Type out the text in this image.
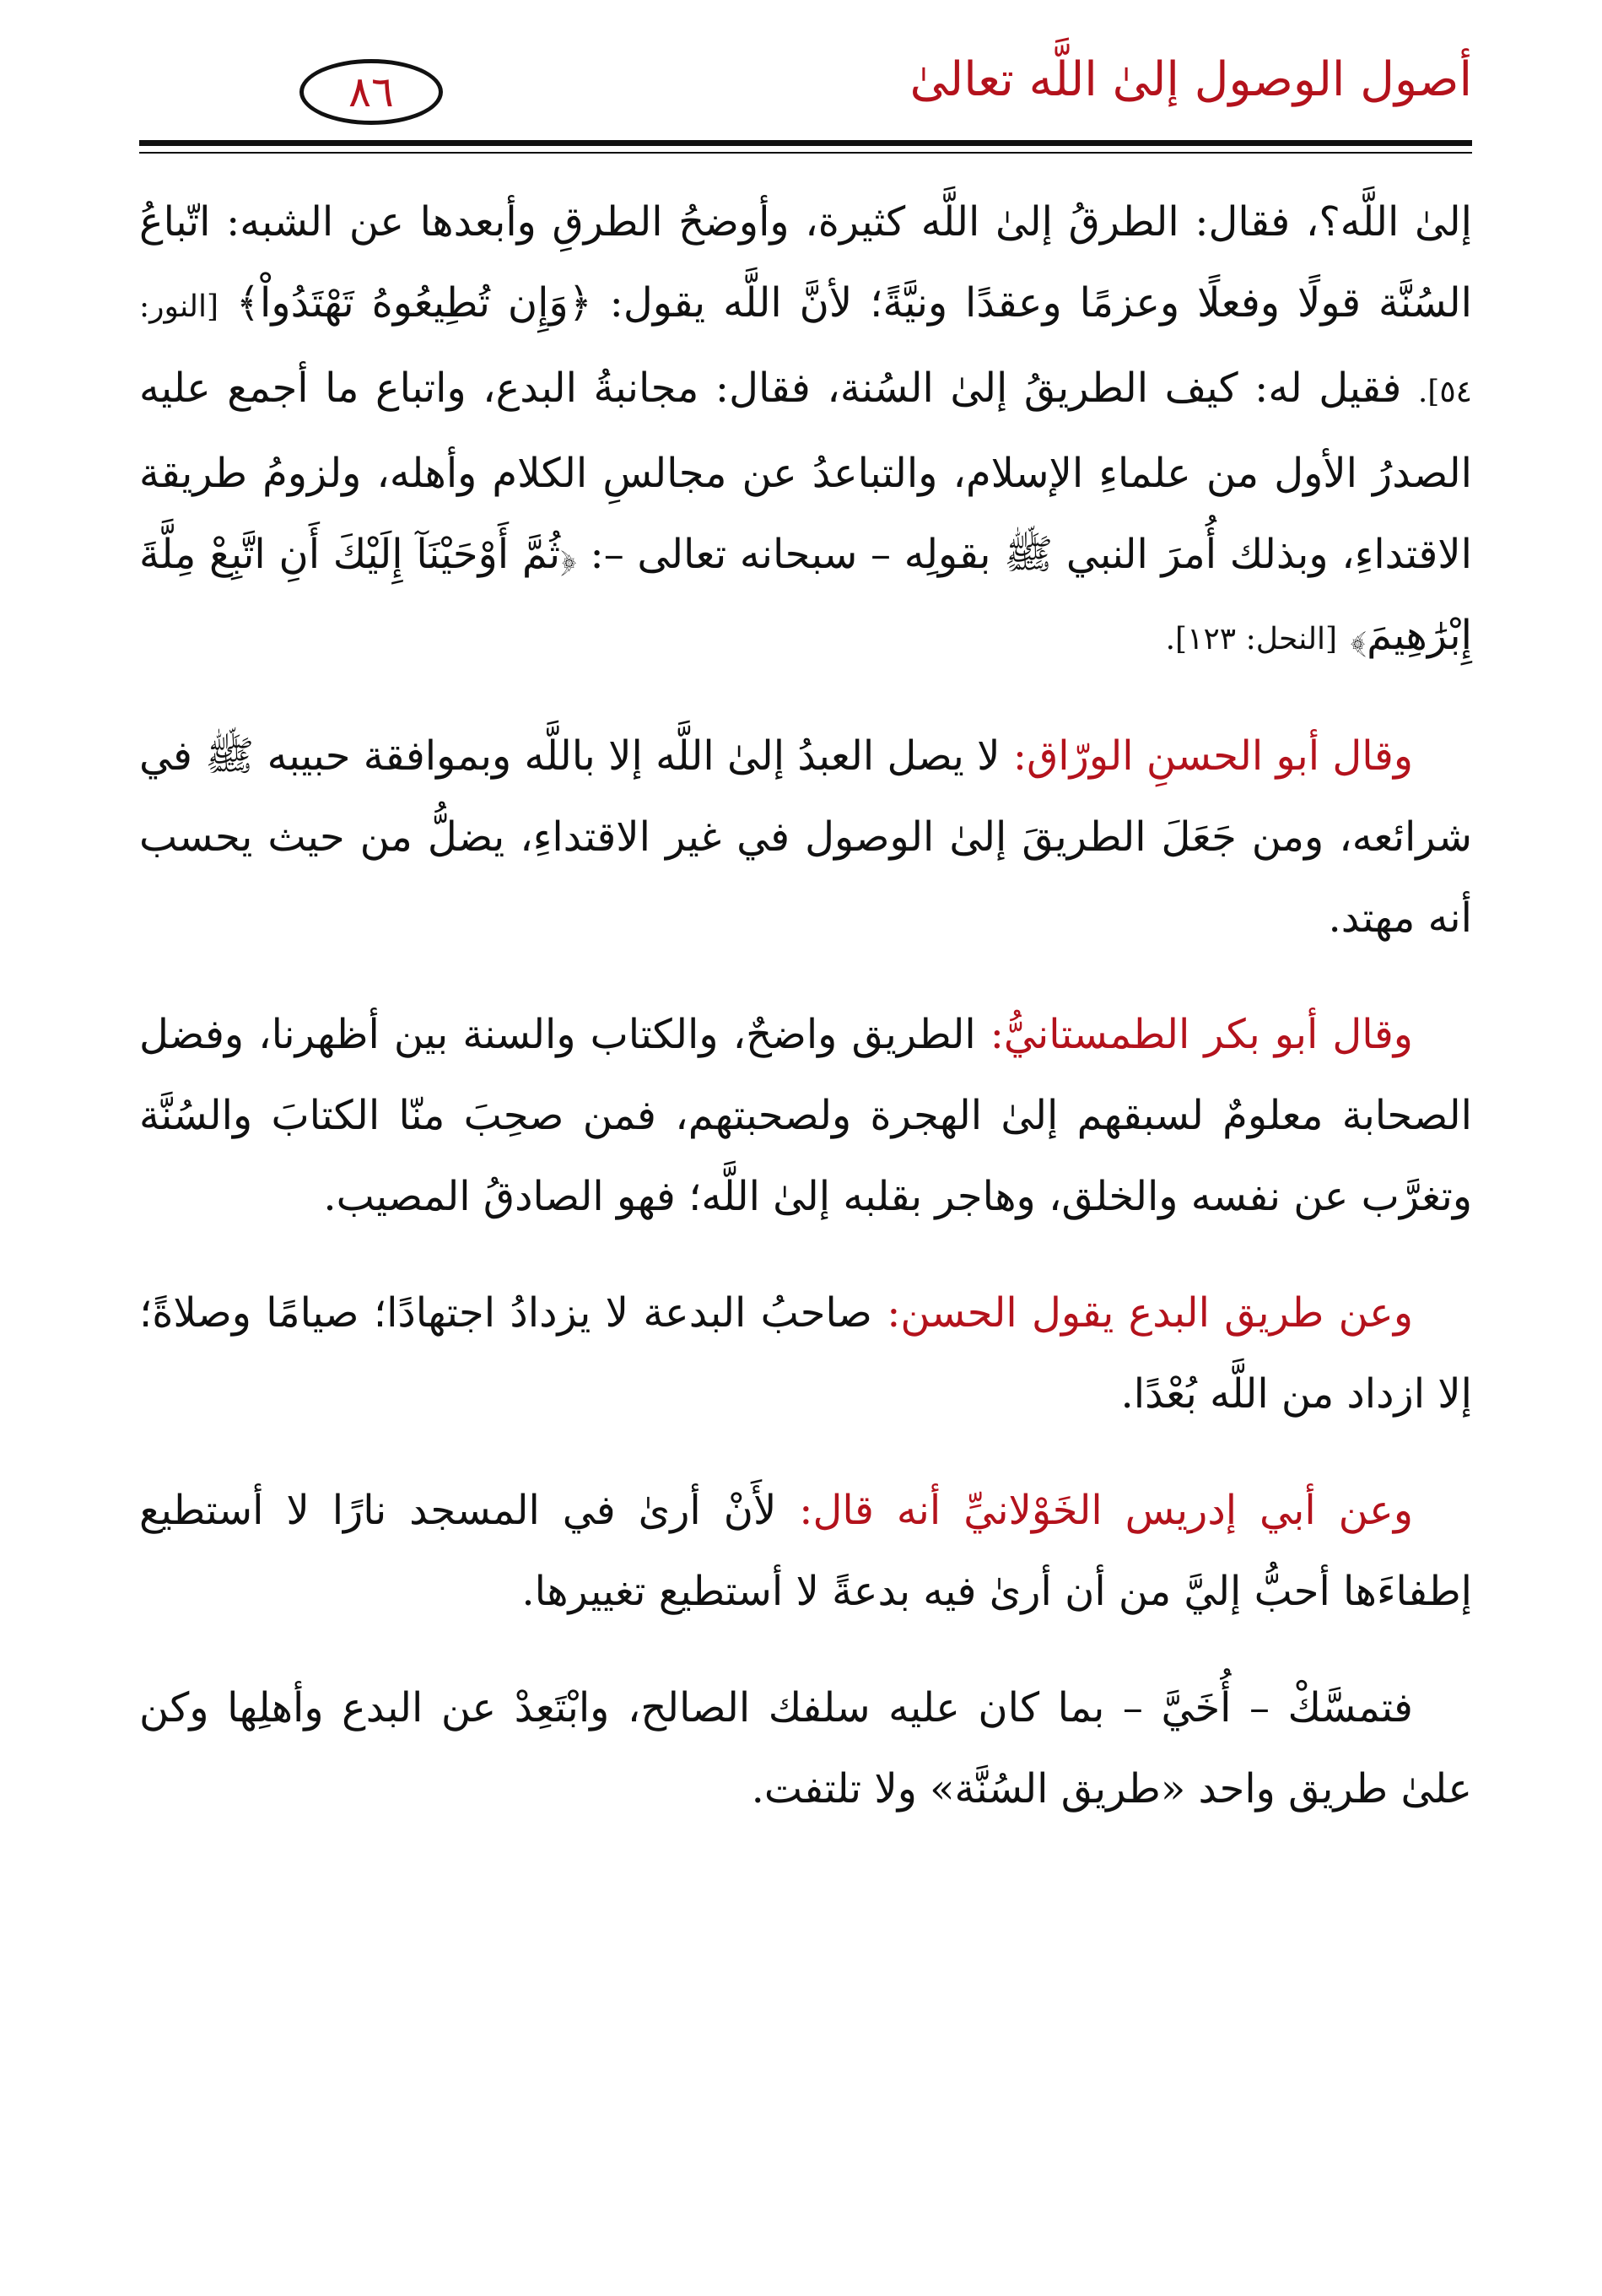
أصول الوصول إلىٰ اللَّه تعالىٰ
٨٦

إلىٰ اللَّه؟، فقال: الطرقُ إلىٰ اللَّه كثيرة، وأوضحُ الطرقِ وأبعدها عن الشبه: اتّباعُ السُنَّة قولًا وفعلًا وعزمًا وعقدًا ونيَّةً؛ لأنَّ اللَّه يقول: ﴿وَإِن تُطِيعُوهُ تَهْتَدُواْ﴾ [النور: ٥٤]. فقيل له: كيف الطريقُ إلىٰ السُنة، فقال: مجانبةُ البدع، واتباع ما أجمع عليه الصدرُ الأول من علماءِ الإسلام، والتباعدُ عن مجالسِ الكلام وأهله، ولزومُ طريقة الاقتداءِ، وبذلك أُمرَ النبي ﷺ بقولِه – سبحانه تعالى –: ﴿ثُمَّ أَوْحَيْنَآ إِلَيْكَ أَنِ اتَّبِعْ مِلَّةَ إِبْرَٰهِيمَ﴾ [النحل: ١٢٣].

وقال أبو الحسنِ الورّاق: لا يصل العبدُ إلىٰ اللَّه إلا باللَّه وبموافقة حبيبه ﷺ في شرائعه، ومن جَعَلَ الطريقَ إلىٰ الوصول في غير الاقتداءِ، يضلُّ من حيث يحسب أنه مهتد.

وقال أبو بكر الطمستانيُّ: الطريق واضحٌ، والكتاب والسنة بين أظهرنا، وفضل الصحابة معلومٌ لسبقهم إلىٰ الهجرة ولصحبتهم، فمن صحِبَ منّا الكتابَ والسُنَّة وتغرَّب عن نفسه والخلق، وهاجر بقلبه إلىٰ اللَّه؛ فهو الصادقُ المصيب.

وعن طريق البدع يقول الحسن: صاحبُ البدعة لا يزدادُ اجتهادًا؛ صيامًا وصلاةً؛ إلا ازداد من اللَّه بُعْدًا.

وعن أبي إدريس الخَوْلانيِّ أنه قال: لأَنْ أرىٰ في المسجد نارًا لا أستطيع إطفاءَها أحبُّ إليَّ من أن أرىٰ فيه بدعةً لا أستطيع تغييرها.

فتمسَّكْ – أُخَيَّ – بما كان عليه سلفك الصالح، وابْتَعِدْ عن البدع وأهلِها وكن علىٰ طريق واحد «طريق السُنَّة» ولا تلتفت.
